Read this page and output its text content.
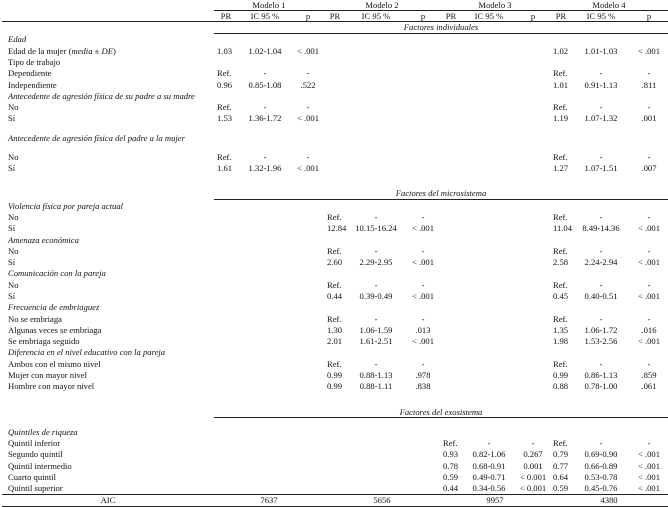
	Modelo 1			Modelo 2			Modelo 3			Modelo 4		
	PR	IC 95 %	p	PR	IC 95 %	p	PR	IC 95 %	p	PR	IC 95 %	p
	Factores individuales											
Edad												
Edad de la mujer (media ± DE)	1.03	1.02-1.04	< .001							1.02	1.01-1.03	< .001
Tipo de trabajo												
Dependiente	Ref.	-	-							Ref.	-	-
Independiente	0.96	0.85-1.08	.522							1.01	0.91-1.13	.811
Antecedente de agresión física de su padre a su madre												
No	Ref.	-	-							Ref.	-	-
Sí	1.53	1.36-1.72	< .001							1.19	1.07-1.32	.001

Antecedente de agresión física del padre a la mujer												

No	Ref.	-	-							Ref.	-	-
Sí	1.61	1.32-1.96	< .001							1.27	1.07-1.51	.007

	Factores del microsistema											
Violencia física por pareja actual												
No				Ref.	-	-				Ref.	-	-
Sí				12.84	10.15-16.24	< .001				11.04	8.49-14.36	< .001
Amenaza económica												
No				Ref.	-	-				Ref.	-	-
Sí				2.60	2.29-2.95	< .001				2.58	2.24-2.94	< .001
Comunicación con la pareja												
No				Ref.	-	-				Ref.	-	-
Sí				0.44	0.39-0.49	< .001				0.45	0.40-0.51	< .001
Frecuencia de embriaguez												
No se embriaga				Ref.	-	-				Ref.	-	-
Algunas veces se embriaga				1.30	1.06-1.59	.013				1.35	1.06-1.72	.016
Se embriaga seguido				2.01	1.61-2.51	< .001				1.98	1.53-2.56	< .001
Diferencia en el nivel educativo con la pareja												
Ambos con el mismo nivel				Ref.	-	-				Ref.	-	-
Mujer con mayor nivel				0.99	0.88-1.13	.978				0.99	0.86-1.13	.859
Hombre con mayor nivel				0.99	0.88-1.11	.838				0.88	0.78-1.00	.061

	Factores del exosistema											

Quintiles de riqueza												
Quintil inferior							Ref.	-	-	Ref.	-	-
Segundo quintil							0.93	0.82-1.06	0.267	0.79	0.69-0.90	< .001
Quintil intermedio							0.78	0.68-0.91	0.001	0.77	0.66-0.89	< .001
Cuarto quintil							0.59	0.49-0.71	< 0.001	0.64	0.53-0.78	< .001
Quintil superior							0.44	0.34-0.56	< 0.001	0.59	0.45-0.76	< .001
AIC	7637			5656			9957			4380		
